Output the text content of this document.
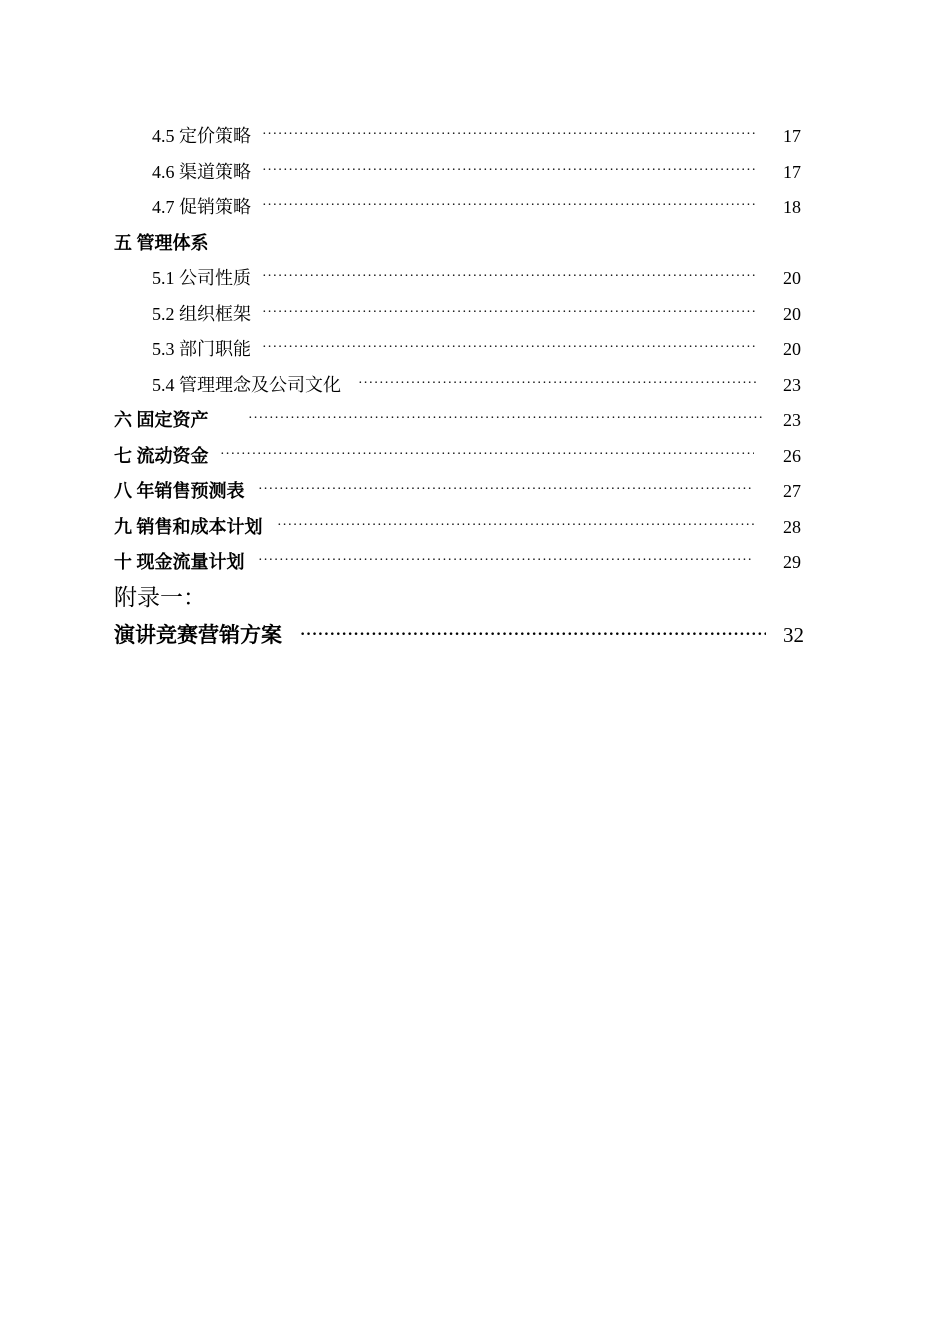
4.5 定价策略 ·····	17
4.6 渠道策略 ·····	17
4.7 促销策略 ·····	18
五 管理体系
5.1 公司性质 ·····	20
5.2 组织框架 ·····	20
5.3 部门职能 ·····	20
5.4 管理理念及公司文化 ·····	23
六 固定资产 ·····	23
七 流动资金 ·····	26
八 年销售预测表 ·····	27
九 销售和成本计划 ·····	28
十 现金流量计划 ·····	29
附录一：
演讲竞赛营销方案 ·····	32
